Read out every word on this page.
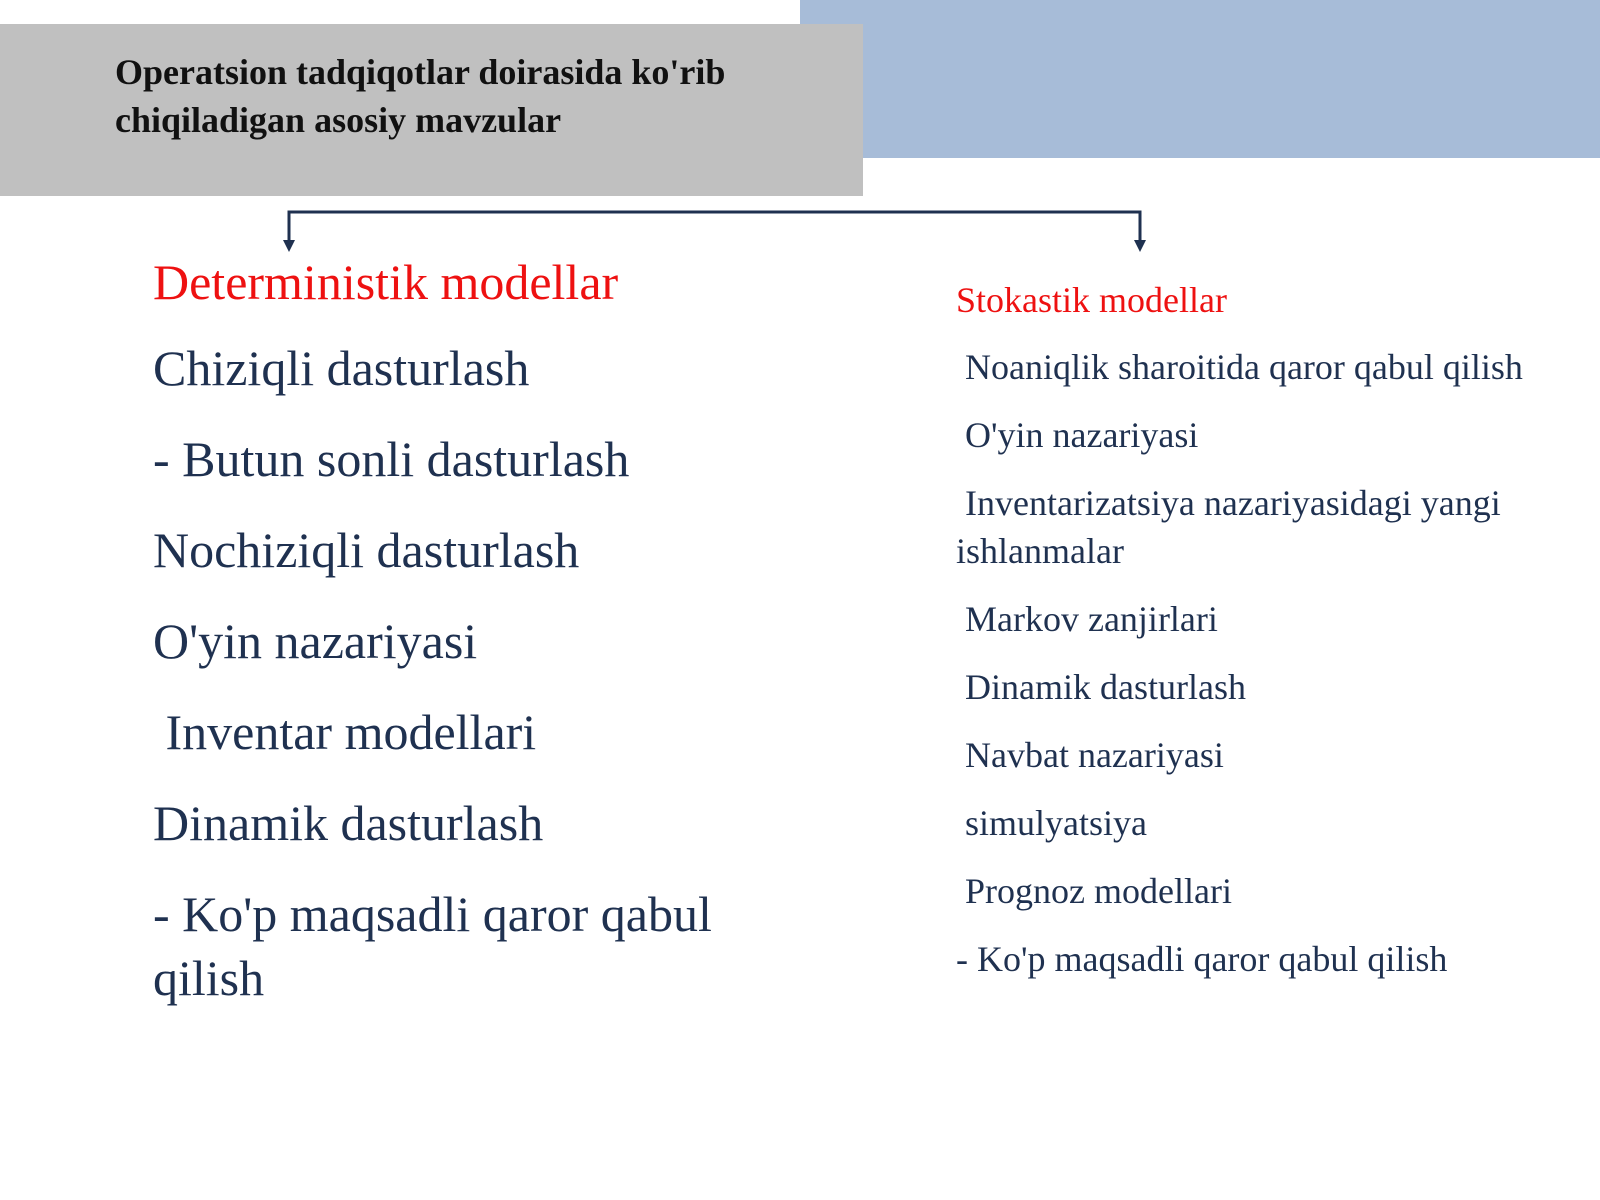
Operatsion tadqiqotlar doirasida ko'rib
chiqiladigan asosiy mavzular
Deterministik modellar
Chiziqli dasturlash
- Butun sonli dasturlash
Nochiziqli dasturlash
O'yin nazariyasi
Inventar modellari
Dinamik dasturlash
- Ko'p maqsadli qaror qabul qilish
Stokastik modellar
Noaniqlik sharoitida qaror qabul qilish
O'yin nazariyasi
Inventarizatsiya nazariyasidagi yangi ishlanmalar
Markov zanjirlari
Dinamik dasturlash
Navbat nazariyasi
simulyatsiya
Prognoz modellari
- Ko'p maqsadli qaror qabul qilish
